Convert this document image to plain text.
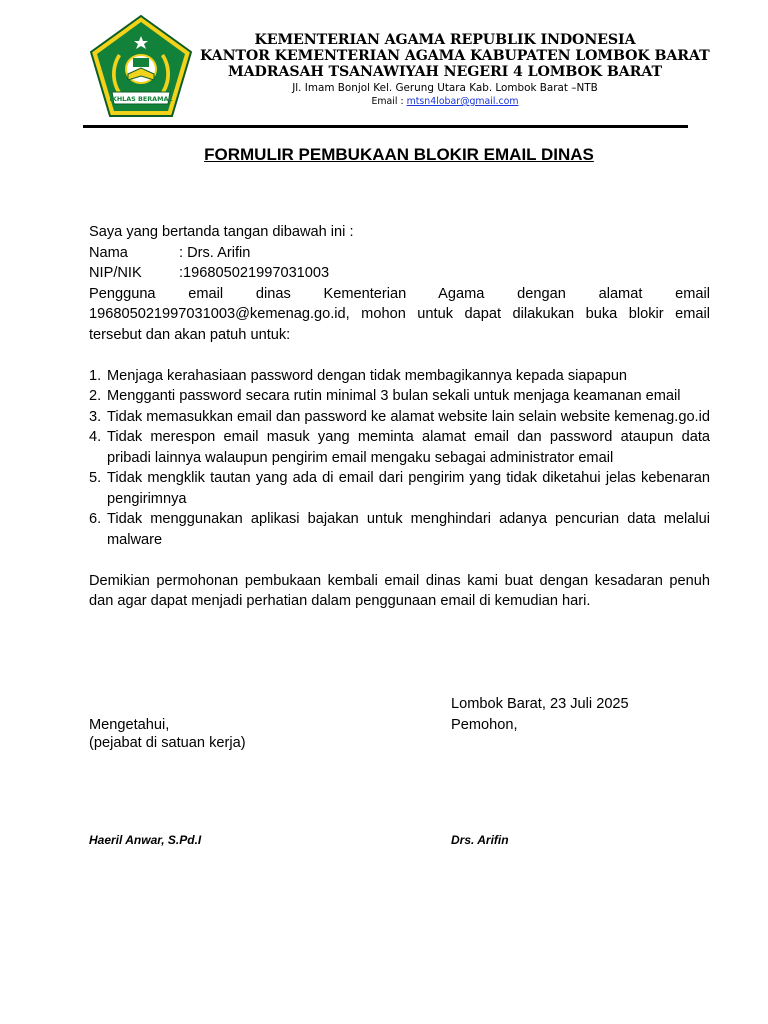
IKHLAS BERAMAL
KEMENTERIAN AGAMA REPUBLIK INDONESIA
KANTOR KEMENTERIAN AGAMA KABUPATEN LOMBOK BARAT
MADRASAH TSANAWIYAH NEGERI 4 LOMBOK BARAT
Jl. Imam Bonjol Kel. Gerung Utara Kab. Lombok Barat –NTB
Email : mtsn4lobar@gmail.com
FORMULIR PEMBUKAAN BLOKIR EMAIL DINAS
Saya yang bertanda tangan dibawah ini :
Nama	: Drs. Arifin
NIP/NIK	:196805021997031003
Pengguna email dinas Kementerian Agama dengan alamat email
196805021997031003@kemenag.go.id, mohon untuk dapat dilakukan buka blokir email tersebut dan akan patuh untuk:
1. Menjaga kerahasiaan password dengan tidak membagikannya kepada siapapun
2. Mengganti password secara rutin minimal 3 bulan sekali untuk menjaga keamanan email
3. Tidak memasukkan email dan password ke alamat website lain selain website kemenag.go.id
4. Tidak merespon email masuk yang meminta alamat email dan password ataupun data pribadi lainnya walaupun pengirim email mengaku sebagai administrator email
5. Tidak mengklik tautan yang ada di email dari pengirim yang tidak diketahui jelas kebenaran pengirimnya
6. Tidak menggunakan aplikasi bajakan untuk menghindari adanya pencurian data melalui malware
Demikian permohonan pembukaan kembali email dinas kami buat dengan kesadaran penuh dan agar dapat menjadi perhatian dalam penggunaan email di kemudian hari.
Lombok Barat, 23 Juli 2025
Mengetahui,
(pejabat di satuan kerja)
Pemohon,
Haeril Anwar, S.Pd.I	Drs. Arifin
